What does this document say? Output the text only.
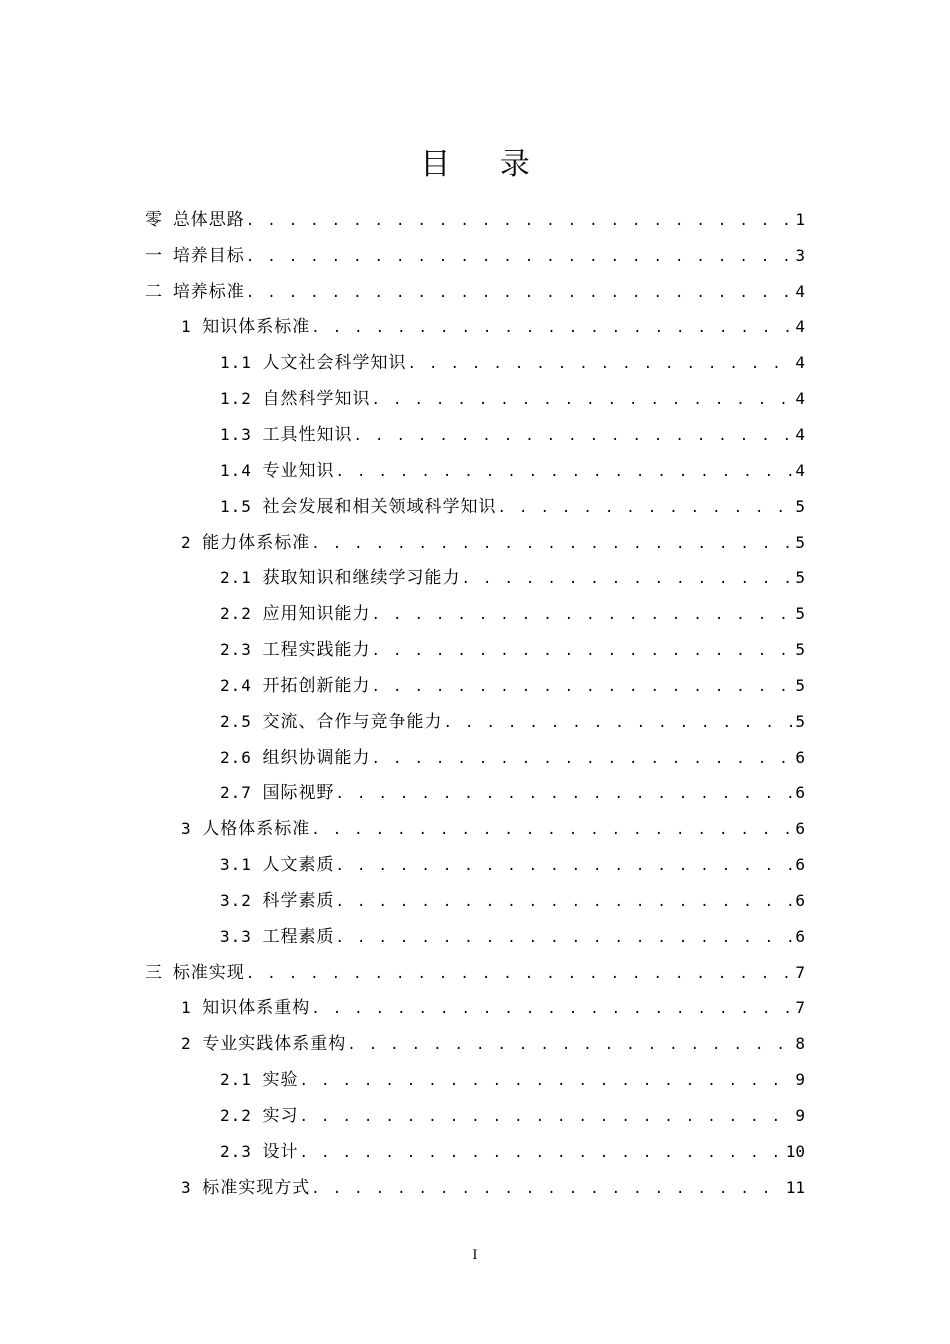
目 录
零 总体思路 . . .	1
一 培养目标 . . .	3
二 培养标准 . . .	4
1 知识体系标准 . . .	4
1.1 人文社会科学知识 . . .	4
1.2 自然科学知识 . . .	4
1.3 工具性知识 . . .	4
1.4 专业知识 . . .	4
1.5 社会发展和相关领域科学知识 . . .	5
2 能力体系标准 . . .	5
2.1 获取知识和继续学习能力 . . .	5
2.2 应用知识能力 . . .	5
2.3 工程实践能力 . . .	5
2.4 开拓创新能力 . . .	5
2.5 交流、合作与竞争能力 . . .	5
2.6 组织协调能力 . . .	6
2.7 国际视野 . . .	6
3 人格体系标准 . . .	6
3.1 人文素质 . . .	6
3.2 科学素质 . . .	6
3.3 工程素质 . . .	6
三 标准实现 . . .	7
1 知识体系重构 . . .	7
2 专业实践体系重构 . . .	8
2.1 实验 . . .	9
2.2 实习 . . .	9
2.3 设计 . . .	10
3 标准实现方式 . . .	11
I
